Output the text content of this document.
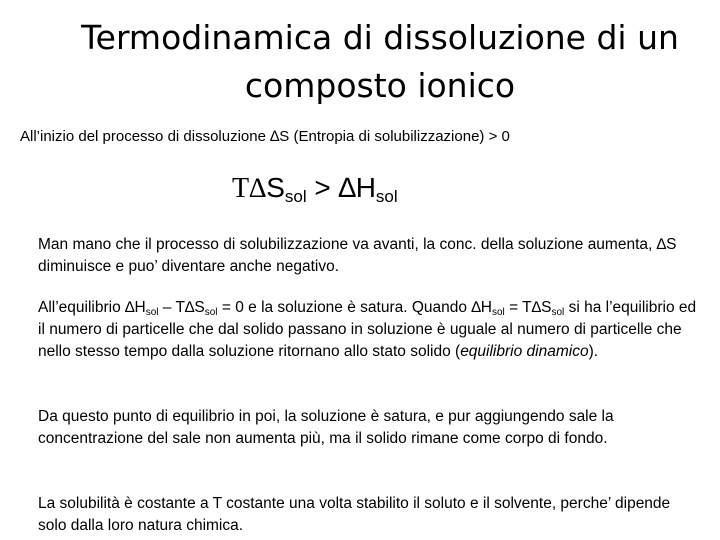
Termodinamica di dissoluzione di un
composto ionico

All’inizio del processo di dissoluzione ∆S (Entropia di solubilizzazione) > 0

$T\Delta S_{sol} > \Delta H_{sol}$

Man mano che il processo di solubilizzazione va avanti, la conc. della soluzione aumenta, ∆S diminuisce e puo’ diventare anche negativo.

All’equilibrio $\Delta H_{sol} - T\Delta S_{sol} = 0$ e la soluzione è satura. Quando $\Delta H_{sol} = T\Delta S_{sol}$ si ha l’equilibrio ed il numero di particelle che dal solido passano in soluzione è uguale al numero di particelle che nello stesso tempo dalla soluzione ritornano allo stato solido (equilibrio dinamico).

Da questo punto di equilibrio in poi, la soluzione è satura, e pur aggiungendo sale la concentrazione del sale non aumenta più, ma il solido rimane come corpo di fondo.

La solubilità è costante a T costante una volta stabilito il soluto e il solvente, perche’ dipende solo dalla loro natura chimica.
